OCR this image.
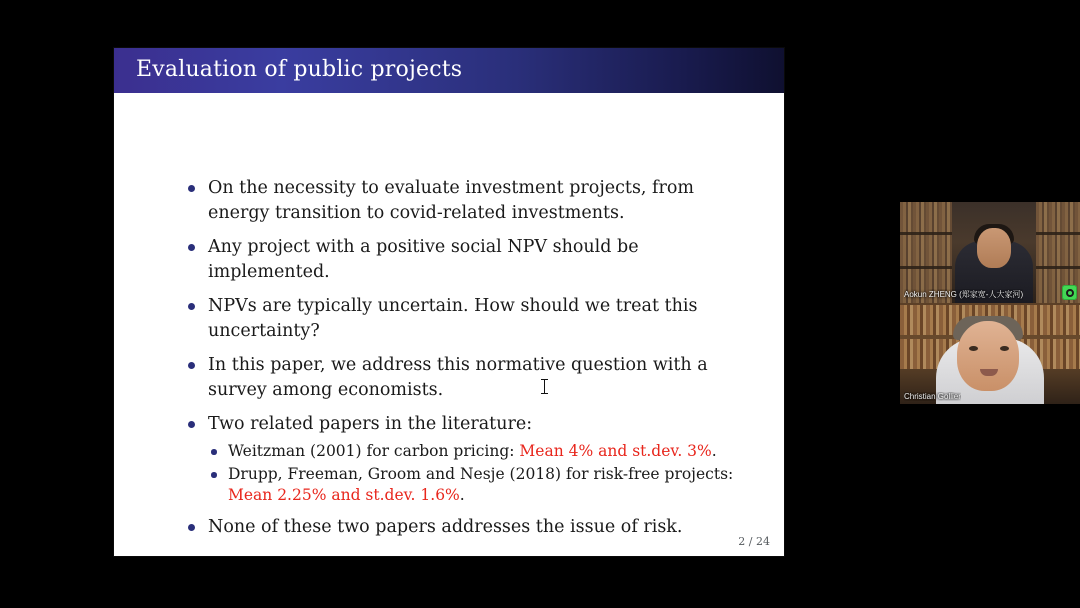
Evaluation of public projects
On the necessity to evaluate investment projects, from energy transition to covid-related investments.
Any project with a positive social NPV should be implemented.
NPVs are typically uncertain. How should we treat this uncertainty?
In this paper, we address this normative question with a survey among economists.
Two related papers in the literature:
Weitzman (2001) for carbon pricing: Mean 4% and st.dev. 3%.
Drupp, Freeman, Groom and Nesje (2018) for risk-free projects: Mean 2.25% and st.dev. 1.6%.
None of these two papers addresses the issue of risk.
2 / 24
Aokun ZHENG (郑家宽-人大家河)
Christian Gollier
